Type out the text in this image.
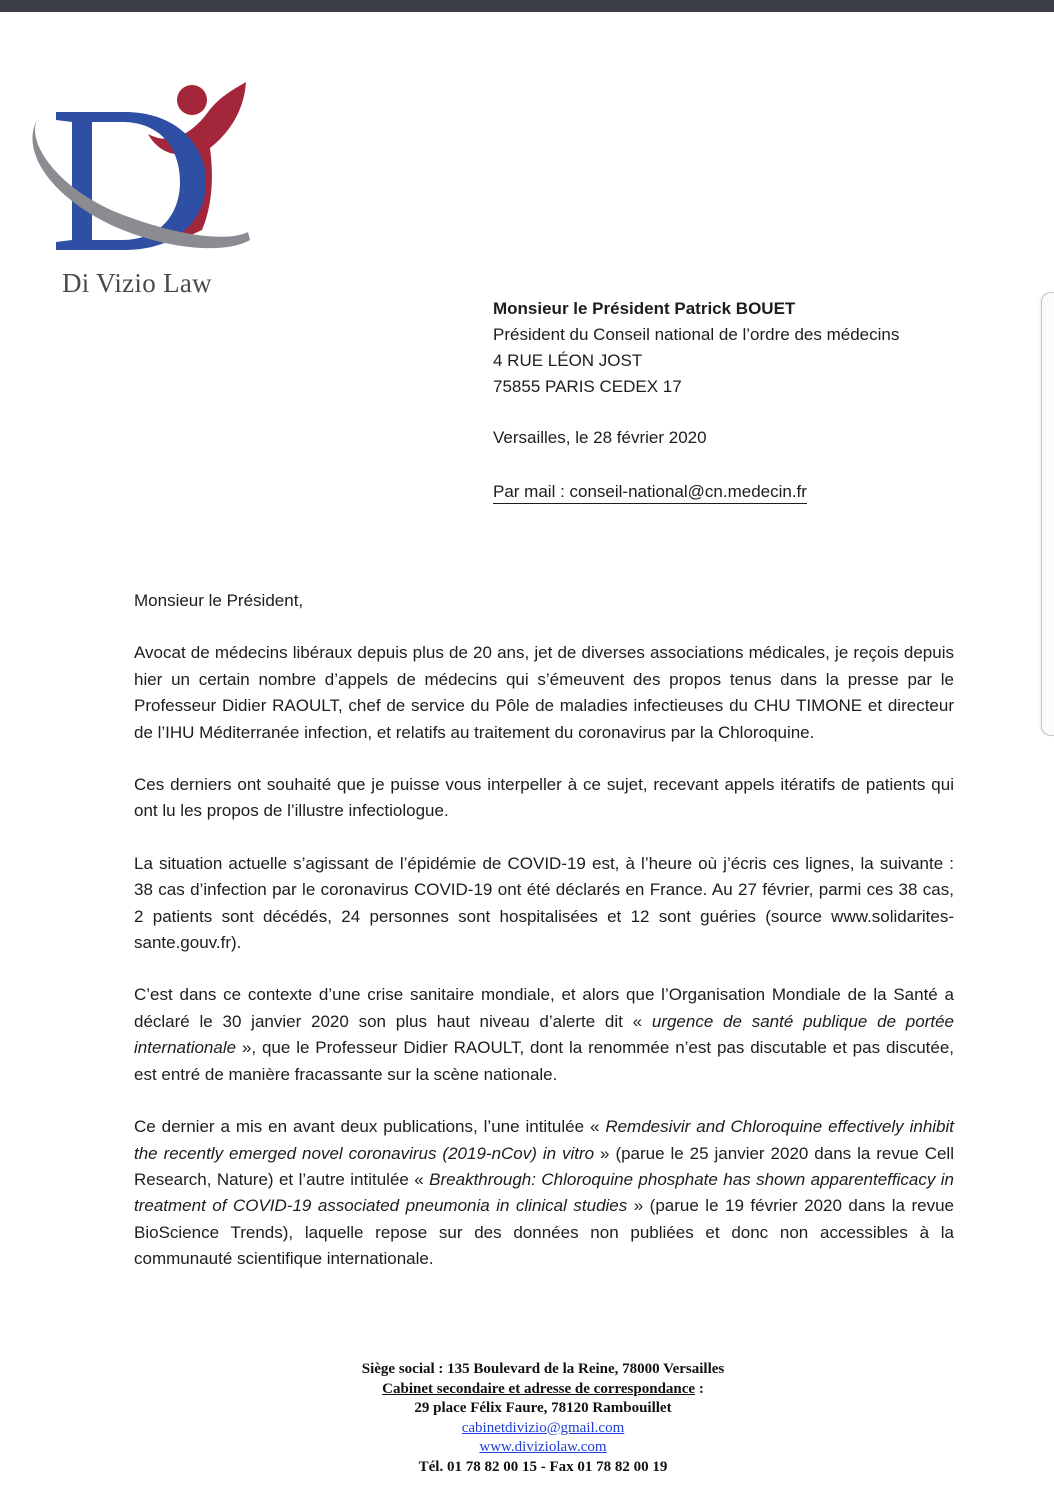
Di Vizio Law
Monsieur le Président Patrick BOUET
Président du Conseil national de l’ordre des médecins
4 RUE LÉON JOST
75855 PARIS CEDEX 17
Versailles, le 28 février 2020
Par mail : conseil-national@cn.medecin.fr

Monsieur le Président,

Avocat de médecins libéraux depuis plus de 20 ans, jet de diverses associations médicales, je reçois depuis hier un certain nombre d’appels de médecins qui s’émeuvent des propos tenus dans la presse par le Professeur Didier RAOULT, chef de service du Pôle de maladies infectieuses du CHU TIMONE et directeur de l’IHU Méditerranée infection, et relatifs au traitement du coronavirus par la Chloroquine.

Ces derniers ont souhaité que je puisse vous interpeller à ce sujet, recevant appels itératifs de patients qui ont lu les propos de l’illustre infectiologue.

La situation actuelle s’agissant de l’épidémie de COVID-19 est, à l’heure où j’écris ces lignes, la suivante : 38 cas d’infection par le coronavirus COVID-19 ont été déclarés en France. Au 27 février, parmi ces 38 cas, 2 patients sont décédés, 24 personnes sont hospitalisées et 12 sont guéries (source www.solidarites-sante.gouv.fr).

C’est dans ce contexte d’une crise sanitaire mondiale, et alors que l’Organisation Mondiale de la Santé a déclaré le 30 janvier 2020 son plus haut niveau d’alerte dit « urgence de santé publique de portée internationale », que le Professeur Didier RAOULT, dont la renommée n’est pas discutable et pas discutée, est entré de manière fracassante sur la scène nationale.

Ce dernier a mis en avant deux publications, l’une intitulée « Remdesivir and Chloroquine effectively inhibit the recently emerged novel coronavirus (2019-nCov) in vitro » (parue le 25 janvier 2020 dans la revue Cell Research, Nature) et l’autre intitulée « Breakthrough: Chloroquine phosphate has shown apparentefficacy in treatment of COVID-19 associated pneumonia in clinical studies » (parue le 19 février 2020 dans la revue BioScience Trends), laquelle repose sur des données non publiées et donc non accessibles à la communauté scientifique internationale.

Siège social : 135 Boulevard de la Reine, 78000 Versailles
Cabinet secondaire et adresse de correspondance :
29 place Félix Faure, 78120 Rambouillet
cabinetdivizio@gmail.com
www.diviziolaw.com
Tél. 01 78 82 00 15 - Fax 01 78 82 00 19
